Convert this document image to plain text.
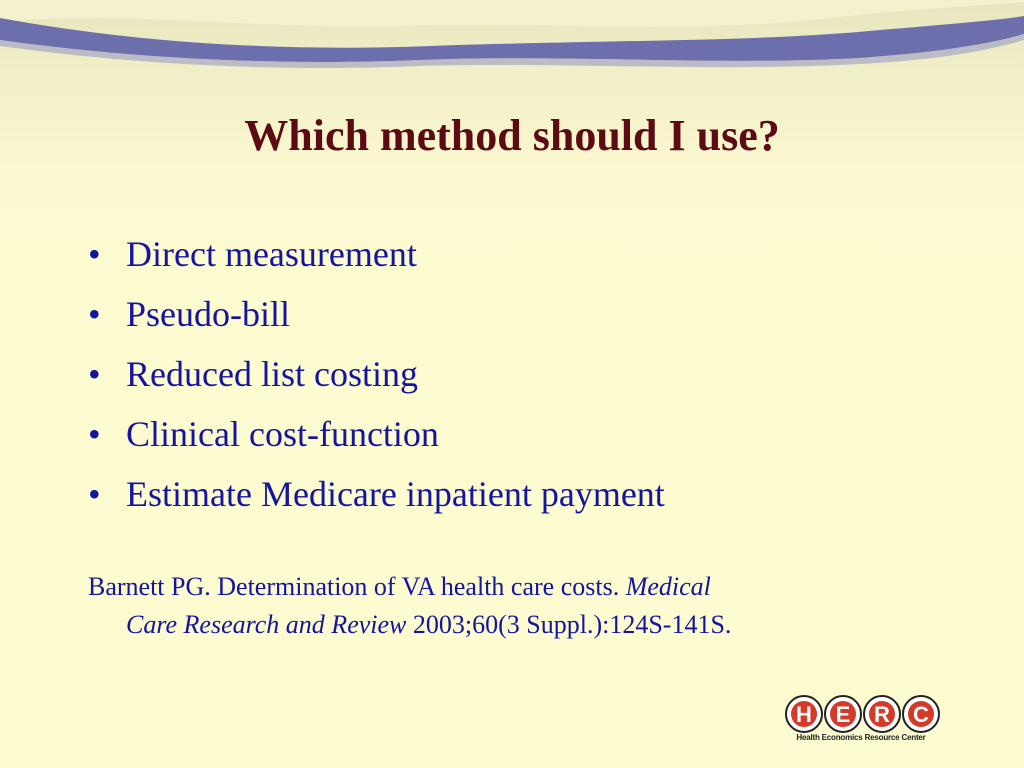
Which method should I use?
• Direct measurement
• Pseudo-bill
• Reduced list costing
• Clinical cost-function
• Estimate Medicare inpatient payment

Barnett PG. Determination of VA health care costs. Medical
Care Research and Review 2003;60(3 Suppl.):124S-141S.

H E R C
Health Economics Resource Center
